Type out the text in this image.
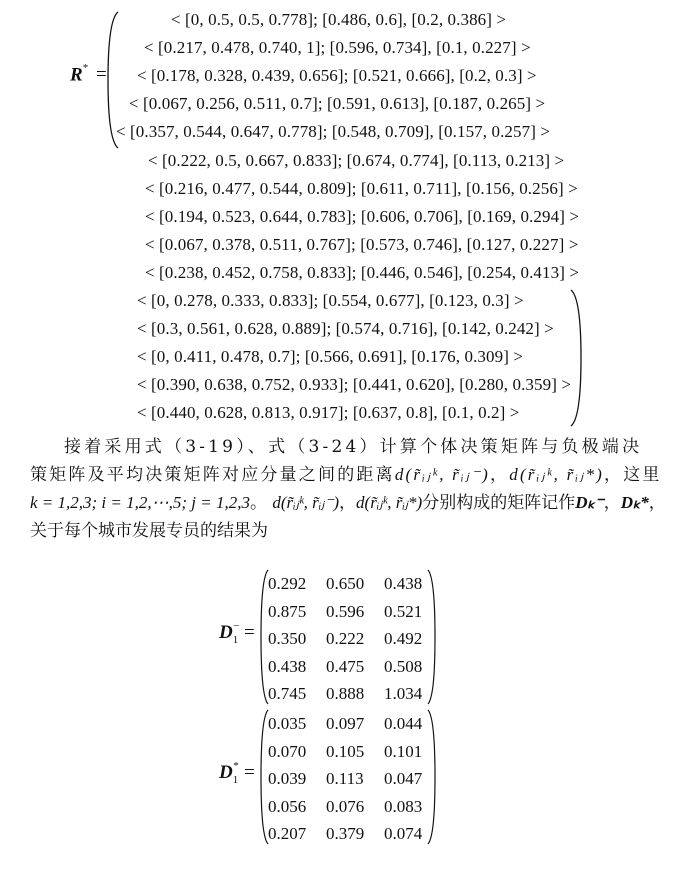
R* =
< [0, 0.5, 0.5, 0.778]; [0.486, 0.6], [0.2, 0.386] >
< [0.217, 0.478, 0.740, 1]; [0.596, 0.734], [0.1, 0.227] >
< [0.178, 0.328, 0.439, 0.656]; [0.521, 0.666], [0.2, 0.3] >
< [0.067, 0.256, 0.511, 0.7]; [0.591, 0.613], [0.187, 0.265] >
< [0.357, 0.544, 0.647, 0.778]; [0.548, 0.709], [0.157, 0.257] >
< [0.222, 0.5, 0.667, 0.833]; [0.674, 0.774], [0.113, 0.213] >
< [0.216, 0.477, 0.544, 0.809]; [0.611, 0.711], [0.156, 0.256] >
< [0.194, 0.523, 0.644, 0.783]; [0.606, 0.706], [0.169, 0.294] >
< [0.067, 0.378, 0.511, 0.767]; [0.573, 0.746], [0.127, 0.227] >
< [0.238, 0.452, 0.758, 0.833]; [0.446, 0.546], [0.254, 0.413] >
< [0, 0.278, 0.333, 0.833]; [0.554, 0.677], [0.123, 0.3] >
< [0.3, 0.561, 0.628, 0.889]; [0.574, 0.716], [0.142, 0.242] >
< [0, 0.411, 0.478, 0.7]; [0.566, 0.691], [0.176, 0.309] >
< [0.390, 0.638, 0.752, 0.933]; [0.441, 0.620], [0.280, 0.359] >
< [0.440, 0.628, 0.813, 0.917]; [0.637, 0.8], [0.1, 0.2] >
接着采用式（3-19）、式（3-24）计算个体决策矩阵与负极端决
策矩阵及平均决策矩阵对应分量之间的距离d(r̃ᵢⱼᵏ, r̃ᵢⱼ⁻)，d(r̃ᵢⱼᵏ, r̃ᵢⱼ*)，这里
k = 1,2,3; i = 1,2,⋯,5; j = 1,2,3。 d(r̃ᵢⱼᵏ, r̃ᵢⱼ⁻)，d(r̃ᵢⱼᵏ, r̃ᵢⱼ*)分别构成的矩阵记作Dₖ⁻，Dₖ*，
关于每个城市发展专员的结果为
$D_1^-$ =
0.292	0.650	0.438
0.875	0.596	0.521
0.350	0.222	0.492
0.438	0.475	0.508
0.745	0.888	1.034
$D_1^*$ =
0.035	0.097	0.044
0.070	0.105	0.101
0.039	0.113	0.047
0.056	0.076	0.083
0.207	0.379	0.074
